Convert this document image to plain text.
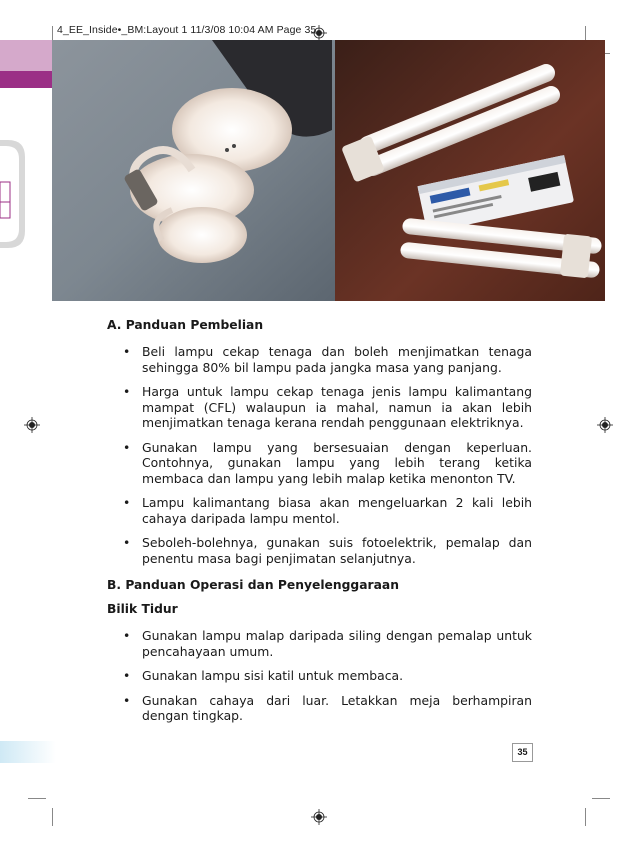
4_EE_Inside•_BM:Layout 1 11/3/08 10:04 AM Page 35

A. Panduan Pembelian

• Beli lampu cekap tenaga dan boleh menjimatkan tenaga sehingga 80% bil lampu pada jangka masa yang panjang.
• Harga untuk lampu cekap tenaga jenis lampu kalimantang mampat (CFL) walaupun ia mahal, namun ia akan lebih menjimatkan tenaga kerana rendah penggunaan elektriknya.
• Gunakan lampu yang bersesuaian dengan keperluan. Contohnya, gunakan lampu yang lebih terang ketika membaca dan lampu yang lebih malap ketika menonton TV.
• Lampu kalimantang biasa akan mengeluarkan 2 kali lebih cahaya daripada lampu mentol.
• Seboleh-bolehnya, gunakan suis fotoelektrik, pemalap dan penentu masa bagi penjimatan selanjutnya.

B. Panduan Operasi dan Penyelenggaraan

Bilik Tidur

• Gunakan lampu malap daripada siling dengan pemalap untuk pencahayaan umum.
• Gunakan lampu sisi katil untuk membaca.
• Gunakan cahaya dari luar. Letakkan meja berhampiran dengan tingkap.
35
